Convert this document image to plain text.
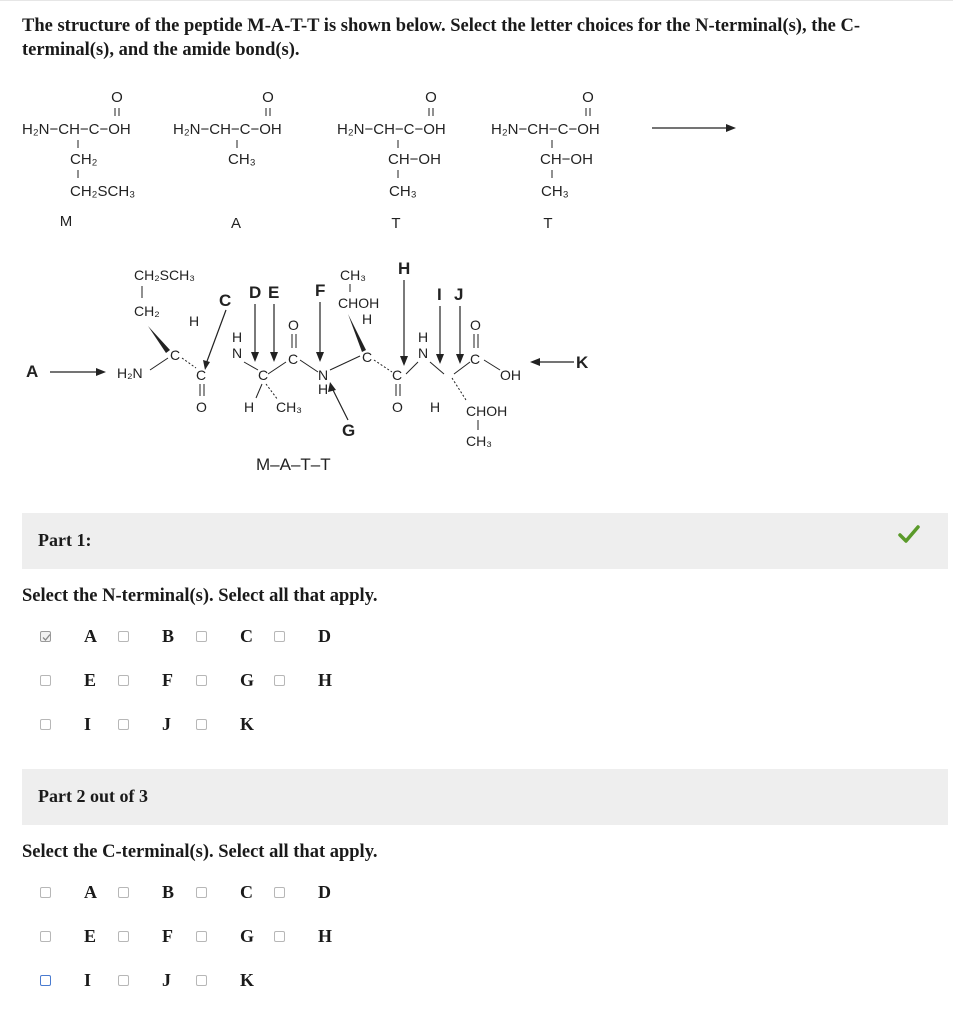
The structure of the peptide M-A-T-T is shown below. Select the letter choices for the N-terminal(s), the C-terminal(s), and the amide bond(s).
O
H₂N−CH−C−OH
CH₂
CH₂SCH₃
M
O
H₂N−CH−C−OH
CH₃
A
O
H₂N−CH−C−OH
CH−OH
CH₃
T
O
H₂N−CH−C−OH
CH−OH
CH₃
T
A	H₂N
CH₂SCH₃
CH₂
H
C
C
O
C D E
H
N
C
H CH₃
C
O
F
N
H
CH₃
CHOH
H
C
H
C
O
G
I J
H
N
H CHOH
CH₃
C
O
OH
K
M–A–T–T
Part 1:
Select the N-terminal(s). Select all that apply.
A	B	C	D
E	F	G	H
I	J	K
Part 2 out of 3
Select the C-terminal(s). Select all that apply.
A	B	C	D
E	F	G	H
I	J	K
